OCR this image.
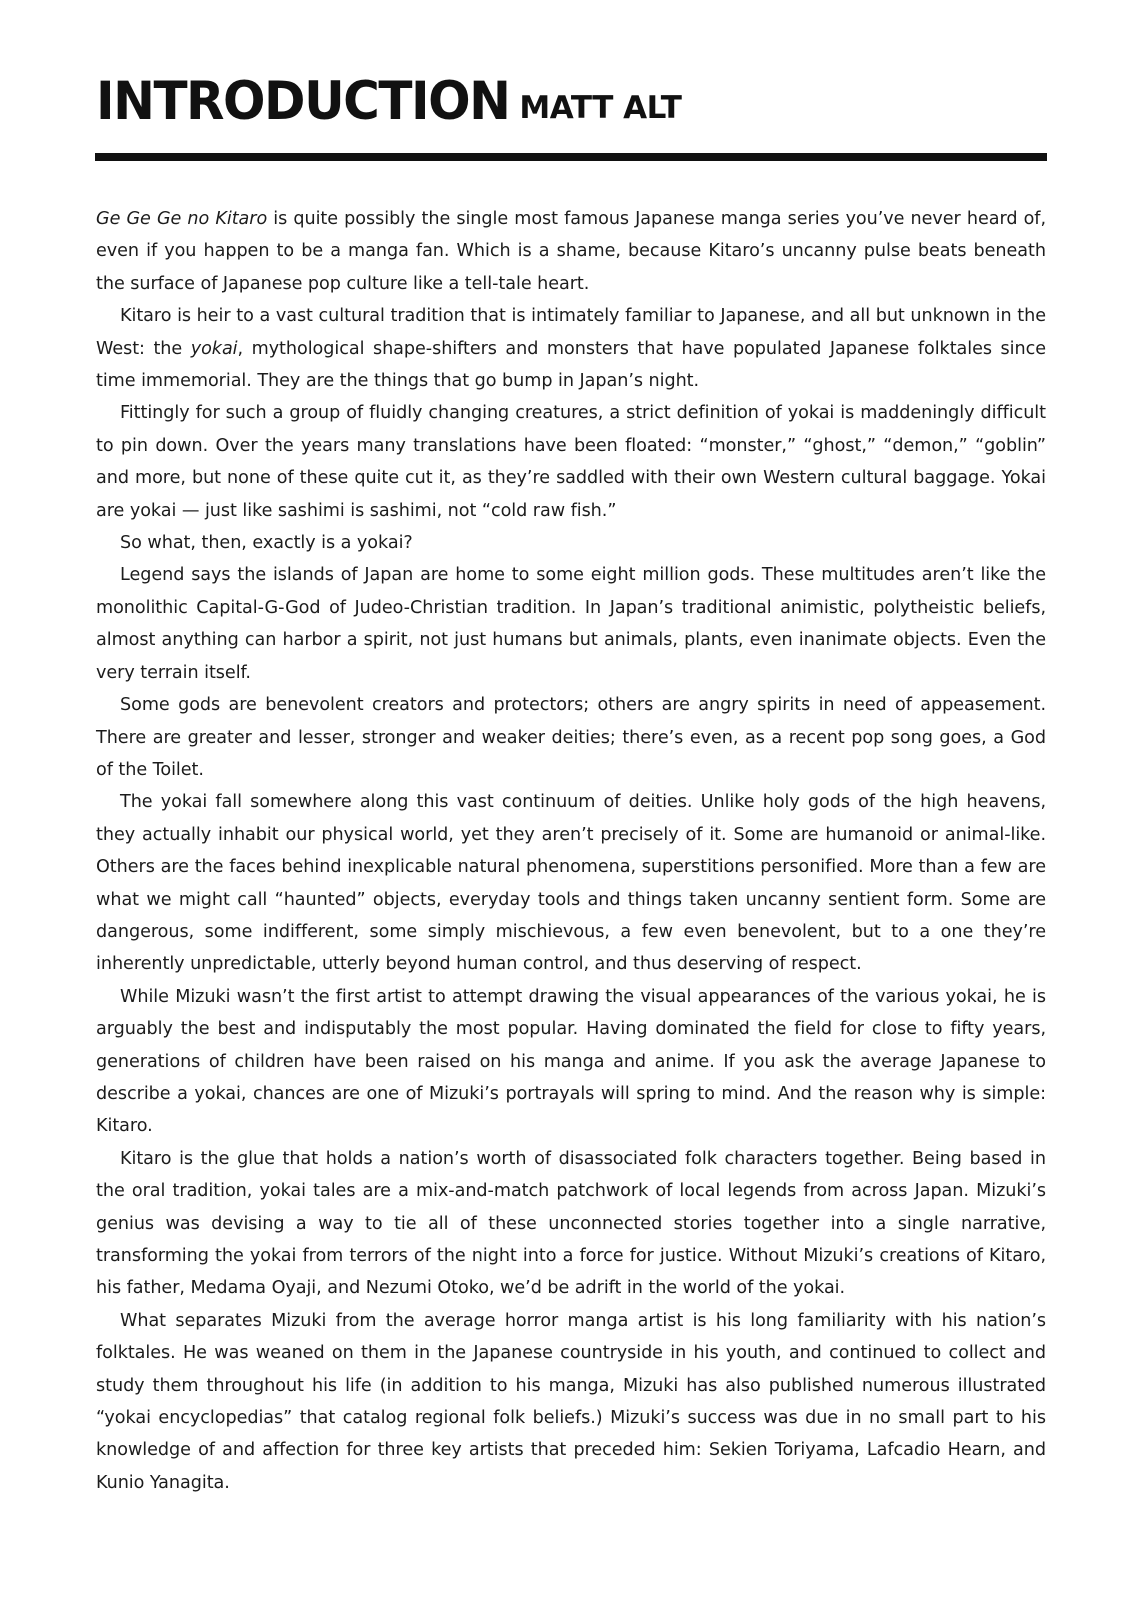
INTRODUCTION MATT ALT

Ge Ge Ge no Kitaro is quite possibly the single most famous Japanese manga series you’ve never heard of, even if you happen to be a manga fan. Which is a shame, because Kitaro’s uncanny pulse beats beneath the surface of Japanese pop culture like a tell-tale heart.

Kitaro is heir to a vast cultural tradition that is intimately familiar to Japanese, and all but unknown in the West: the yokai, mythological shape-shifters and monsters that have populated Japanese folktales since time immemorial. They are the things that go bump in Japan’s night.

Fittingly for such a group of fluidly changing creatures, a strict definition of yokai is maddeningly difficult to pin down. Over the years many translations have been floated: “monster,” “ghost,” “demon,” “goblin” and more, but none of these quite cut it, as they’re saddled with their own Western cultural baggage. Yokai are yokai — just like sashimi is sashimi, not “cold raw fish.”

So what, then, exactly is a yokai?

Legend says the islands of Japan are home to some eight million gods. These multitudes aren’t like the monolithic Capital-G-God of Judeo-Christian tradition. In Japan’s traditional animistic, polytheistic beliefs, almost anything can harbor a spirit, not just humans but animals, plants, even inanimate objects. Even the very terrain itself.

Some gods are benevolent creators and protectors; others are angry spirits in need of appeasement. There are greater and lesser, stronger and weaker deities; there’s even, as a recent pop song goes, a God of the Toilet.

The yokai fall somewhere along this vast continuum of deities. Unlike holy gods of the high heavens, they actually inhabit our physical world, yet they aren’t precisely of it. Some are humanoid or animal-like. Others are the faces behind inexplicable natural phenomena, superstitions personified. More than a few are what we might call “haunted” objects, everyday tools and things taken uncanny sentient form. Some are dangerous, some indifferent, some simply mischievous, a few even benevolent, but to a one they’re inherently unpredictable, utterly beyond human control, and thus deserving of respect.

While Mizuki wasn’t the first artist to attempt drawing the visual appearances of the various yokai, he is arguably the best and indisputably the most popular. Having dominated the field for close to fifty years, generations of children have been raised on his manga and anime. If you ask the average Japanese to describe a yokai, chances are one of Mizuki’s portrayals will spring to mind. And the reason why is simple: Kitaro.

Kitaro is the glue that holds a nation’s worth of disassociated folk characters together. Being based in the oral tradition, yokai tales are a mix-and-match patchwork of local legends from across Japan. Mizuki’s genius was devising a way to tie all of these unconnected stories together into a single narrative, transforming the yokai from terrors of the night into a force for justice. Without Mizuki’s creations of Kitaro, his father, Medama Oyaji, and Nezumi Otoko, we’d be adrift in the world of the yokai.

What separates Mizuki from the average horror manga artist is his long familiarity with his nation’s folktales. He was weaned on them in the Japanese countryside in his youth, and continued to collect and study them throughout his life (in addition to his manga, Mizuki has also published numerous illustrated “yokai encyclopedias” that catalog regional folk beliefs.) Mizuki’s success was due in no small part to his knowledge of and affection for three key artists that preceded him: Sekien Toriyama, Lafcadio Hearn, and Kunio Yanagita.
